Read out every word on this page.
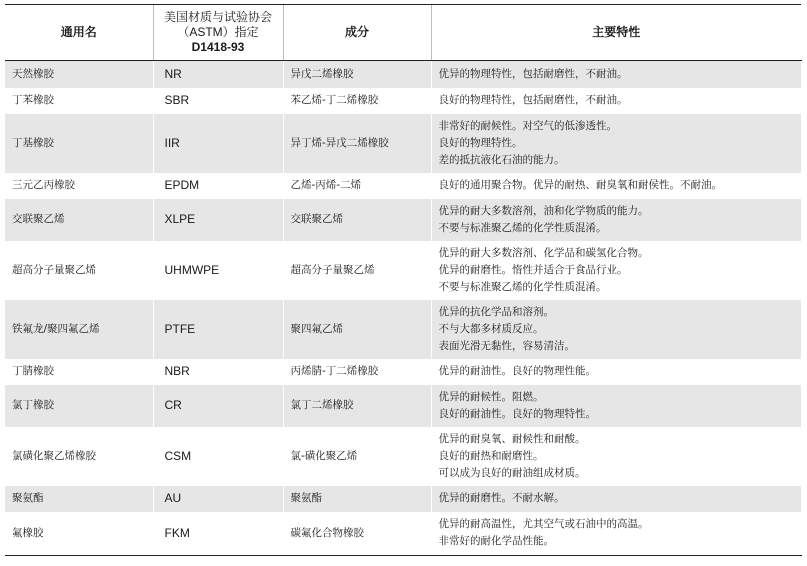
通用名	美国材质与试验协会
（ASTM）指定
D1418-93	成分	主要特性
天然橡胶	NR	异戊二烯橡胶	优异的物理特性，包括耐磨性，不耐油。

丁苯橡胶	SBR	苯乙烯-丁二烯橡胶	良好的物理特性，包括耐磨性，不耐油。

丁基橡胶	IIR	异丁烯-异戊二烯橡胶	非常好的耐候性。对空气的低渗透性。
良好的物理特性。
差的抵抗液化石油的能力。

三元乙丙橡胶	EPDM	乙烯-丙烯-二烯	良好的通用聚合物。优异的耐热、耐臭氧和耐侯性。不耐油。

交联聚乙烯	XLPE	交联聚乙烯	优异的耐大多数溶剂，油和化学物质的能力。
不要与标准聚乙烯的化学性质混淆。

超高分子量聚乙烯	UHMWPE	超高分子量聚乙烯	优异的耐大多数溶剂、化学品和碳氢化合物。
优异的耐磨性。惰性并适合于食品行业。
不要与标准聚乙烯的化学性质混淆。

铁氟龙/聚四氟乙烯	PTFE	聚四氟乙烯	优异的抗化学品和溶剂。
不与大都多材质反应。
表面光滑无黏性，容易清洁。

丁腈橡胶	NBR	丙烯腈-丁二烯橡胶	优异的耐油性。良好的物理性能。

氯丁橡胶	CR	氯丁二烯橡胶	优异的耐候性。阻燃。
良好的耐油性。良好的物理特性。

氯磺化聚乙烯橡胶	CSM	氯-磺化聚乙烯	优异的耐臭氧、耐候性和耐酸。
良好的耐热和耐磨性。
可以成为良好的耐油组成材质。

聚氨酯	AU	聚氨酯	优异的耐磨性。不耐水解。

氟橡胶	FKM	碳氟化合物橡胶	优异的耐高温性，尤其空气或石油中的高温。
非常好的耐化学品性能。
